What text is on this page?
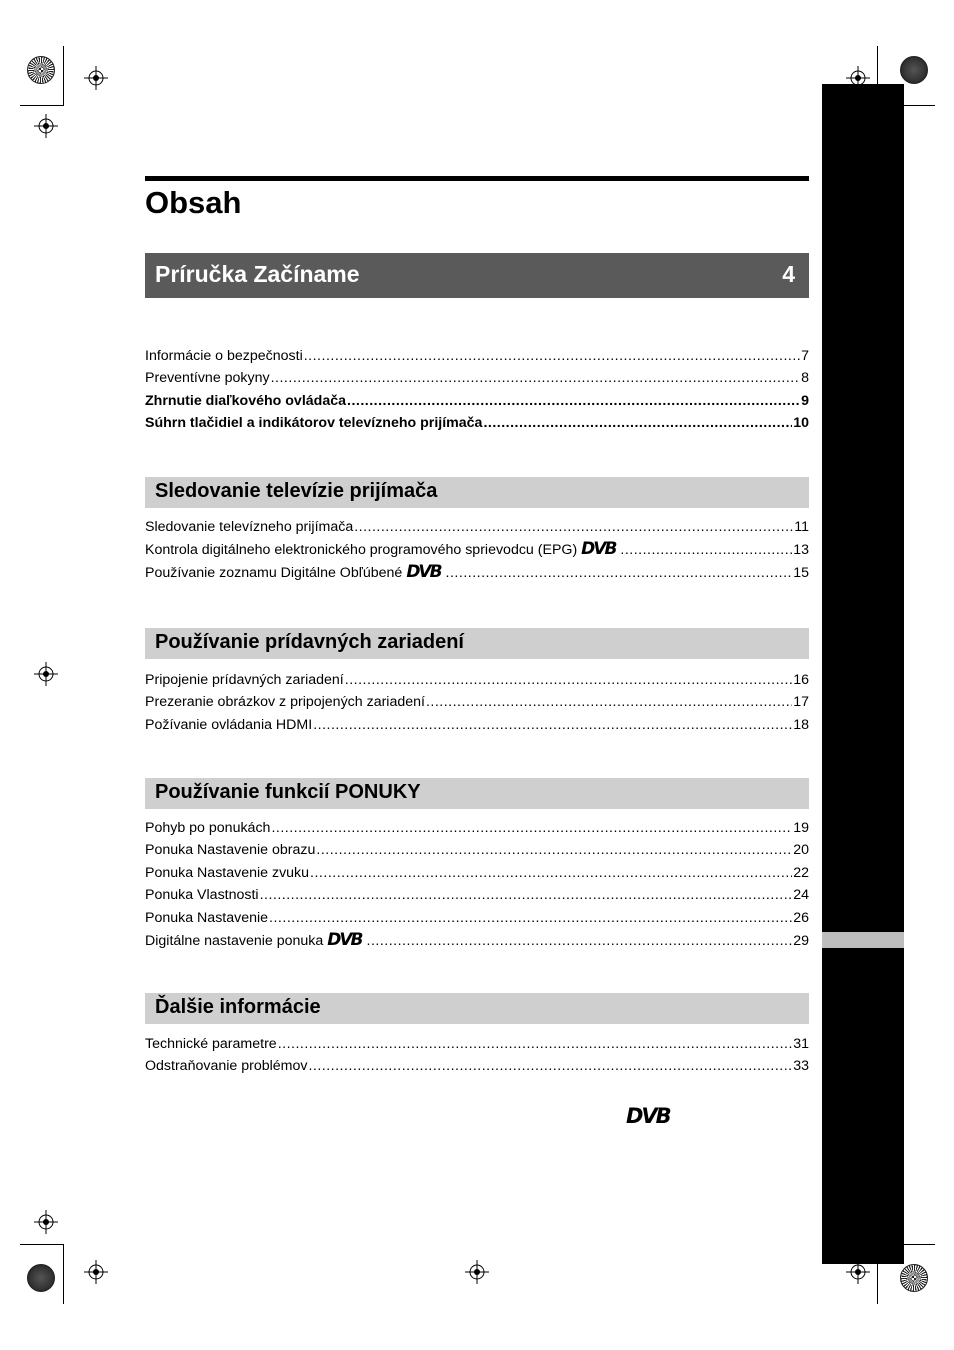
Obsah
Príručka Začíname	4
Informácie o bezpečnosti .....	7
Preventívne pokyny .....	8
Zhrnutie diaľkového ovládača .....	9
Súhrn tlačidiel a indikátorov televízneho prijímača .....	10
Sledovanie televízie prijímača
Sledovanie televízneho prijímača .....	11
Kontrola digitálneho elektronického programového sprievodcu (EPG) DVB .....	13
Používanie zoznamu Digitálne Obľúbené DVB .....	15
Používanie prídavných zariadení
Pripojenie prídavných zariadení .....	16
Prezeranie obrázkov z pripojených zariadení .....	17
Požívanie ovládania HDMI .....	18
Používanie funkcií PONUKY
Pohyb po ponukách .....	19
Ponuka Nastavenie obrazu .....	20
Ponuka Nastavenie zvuku .....	22
Ponuka Vlastnosti .....	24
Ponuka Nastavenie .....	26
Digitálne nastavenie ponuka DVB .....	29
Ďalšie informácie
Technické parametre .....	31
Odstraňovanie problémov .....	33
DVB
